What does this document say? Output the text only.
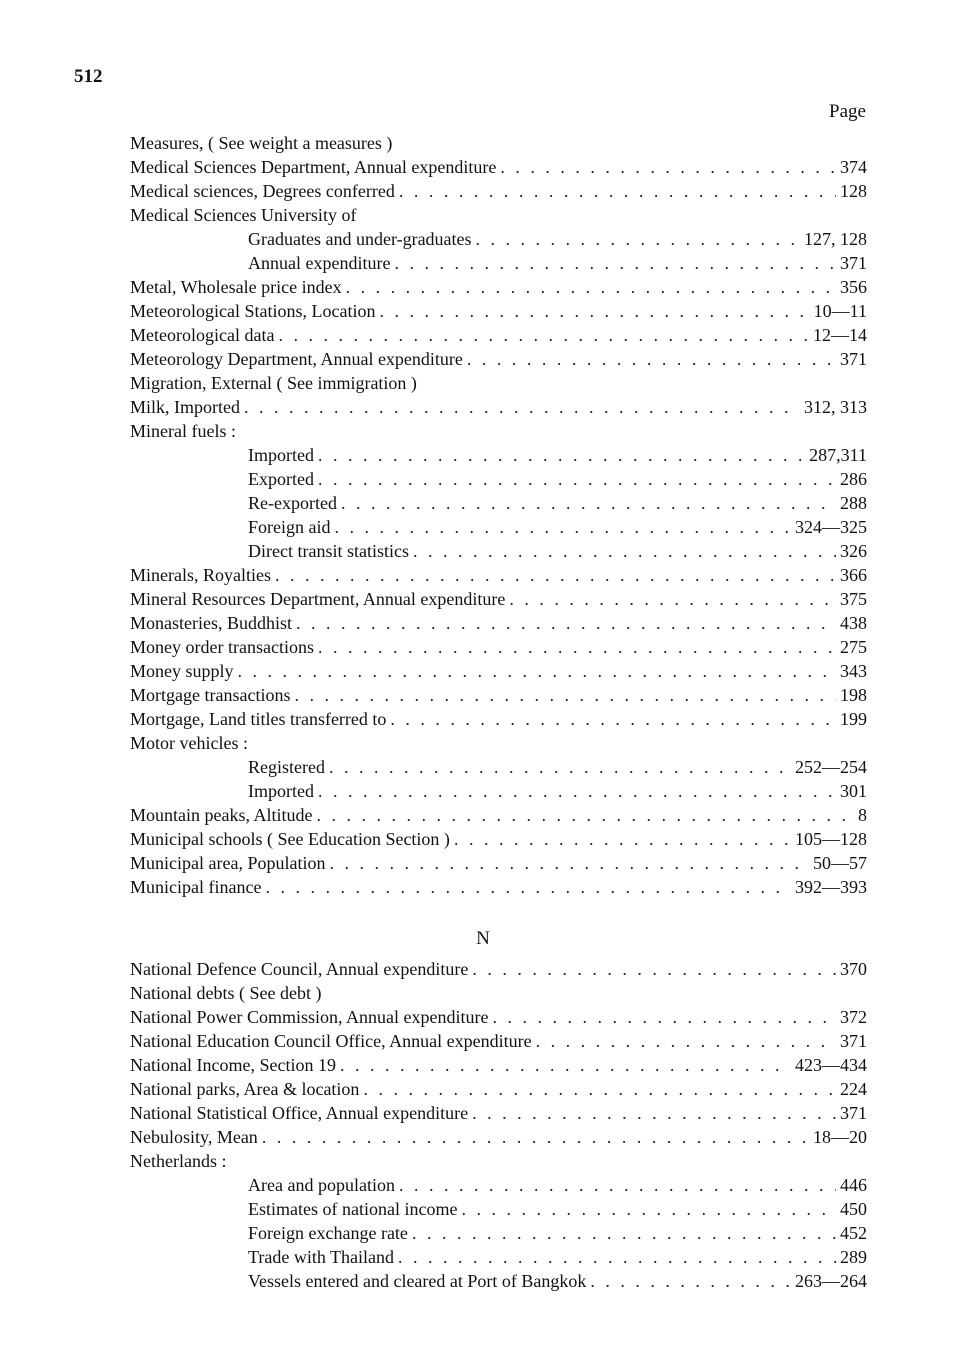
512
Page
Measures, ( See weight a measures )
Medical Sciences Department, Annual expenditure . . .	374
Medical sciences, Degrees conferred . . .	128
Medical Sciences University of
Graduates and under-graduates . . .	127, 128
Annual expenditure . . .	371
Metal, Wholesale price index . . .	356
Meteorological Stations, Location . . .	10—11
Meteorological data . . .	12—14
Meteorology Department, Annual expenditure . . .	371
Migration, External ( See immigration )
Milk, Imported . . .	312, 313
Mineral fuels :
Imported . . .	287,311
Exported . . .	286
Re-exported . . .	288
Foreign aid . . .	324—325
Direct transit statistics . . .	326
Minerals, Royalties . . .	366
Mineral Resources Department, Annual expenditure . . .	375
Monasteries, Buddhist . . .	438
Money order transactions . . .	275
Money supply . . .	343
Mortgage transactions . . .	198
Mortgage, Land titles transferred to . . .	199
Motor vehicles :
Registered . . .	252—254
Imported . . .	301
Mountain peaks, Altitude . . .	8
Municipal schools ( See Education Section ) . . .	105—128
Municipal area, Population . . .	50—57
Municipal finance . . .	392—393
N
National Defence Council, Annual expenditure . . .	370
National debts ( See debt )
National Power Commission, Annual expenditure . . .	372
National Education Council Office, Annual expenditure . . .	371
National Income, Section 19 . . .	423—434
National parks, Area & location . . .	224
National Statistical Office, Annual expenditure . . .	371
Nebulosity, Mean . . .	18—20
Netherlands :
Area and population . . .	446
Estimates of national income . . .	450
Foreign exchange rate . . .	452
Trade with Thailand . . .	289
Vessels entered and cleared at Port of Bangkok . . .	263—264
